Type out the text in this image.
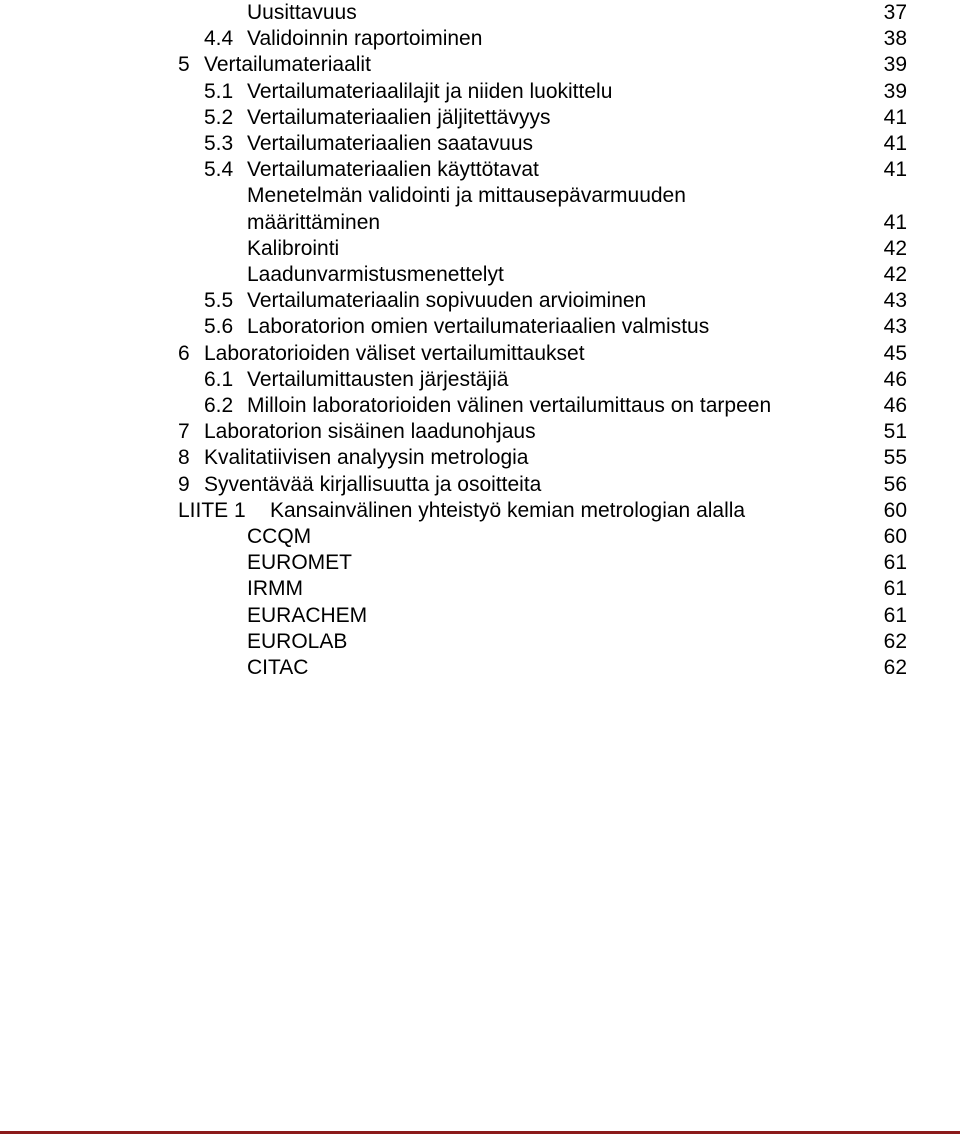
Uusittavuus	37
4.4 Validoinnin raportoiminen	38
5 Vertailumateriaalit	39
5.1 Vertailumateriaalilajit ja niiden luokittelu	39
5.2 Vertailumateriaalien jäljitettävyys	41
5.3 Vertailumateriaalien saatavuus	41
5.4 Vertailumateriaalien käyttötavat	41
Menetelmän validointi ja mittausepävarmuuden
määrittäminen	41
Kalibrointi	42
Laadunvarmistusmenettelyt	42
5.5 Vertailumateriaalin sopivuuden arvioiminen	43
5.6 Laboratorion omien vertailumateriaalien valmistus	43
6 Laboratorioiden väliset vertailumittaukset	45
6.1 Vertailumittausten järjestäjiä	46
6.2 Milloin laboratorioiden välinen vertailumittaus on tarpeen	46
7 Laboratorion sisäinen laadunohjaus	51
8 Kvalitatiivisen analyysin metrologia	55
9 Syventävää kirjallisuutta ja osoitteita	56
LIITE 1 Kansainvälinen yhteistyö kemian metrologian alalla	60
CCQM	60
EUROMET	61
IRMM	61
EURACHEM	61
EUROLAB	62
CITAC	62
